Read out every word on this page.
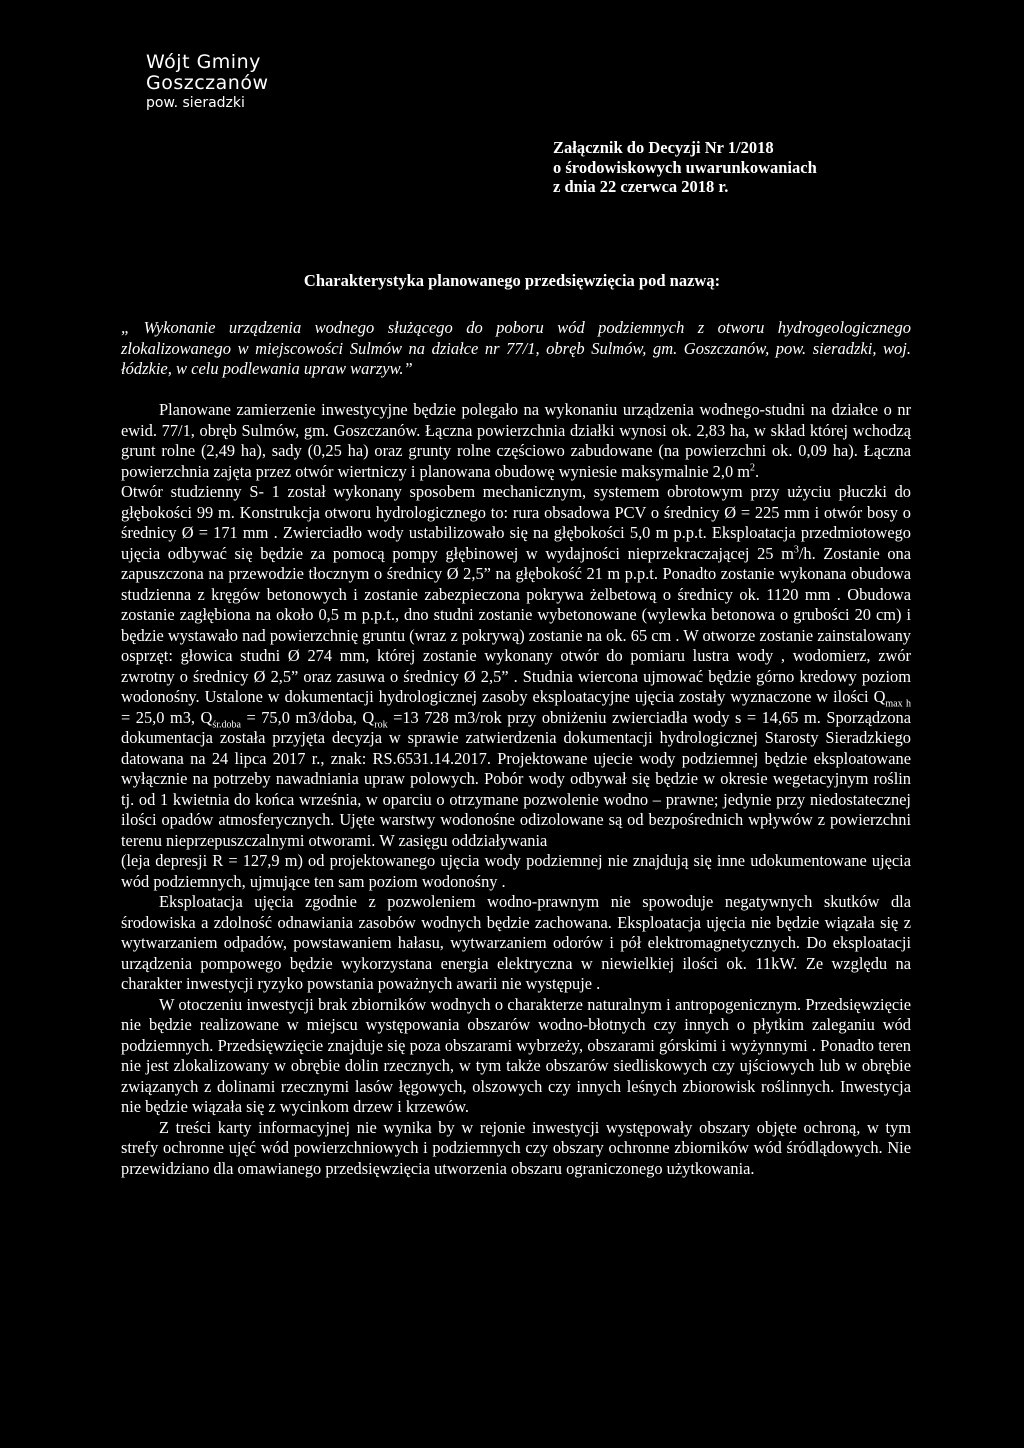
Wójt Gminy
Goszczanów
pow. sieradzki
Załącznik do Decyzji Nr 1/2018
o środowiskowych uwarunkowaniach
z dnia 22 czerwca 2018 r.
Charakterystyka planowanego przedsięwzięcia pod nazwą:
„ Wykonanie urządzenia wodnego służącego do poboru wód podziemnych z otworu hydrogeologicznego zlokalizowanego w miejscowości Sulmów na działce nr 77/1, obręb Sulmów, gm. Goszczanów, pow. sieradzki, woj. łódzkie, w celu podlewania upraw warzyw.”

Planowane zamierzenie inwestycyjne będzie polegało na wykonaniu urządzenia wodnego-studni na działce o nr ewid. 77/1, obręb Sulmów, gm. Goszczanów. Łączna powierzchnia działki wynosi ok. 2,83 ha, w skład której wchodzą grunt rolne (2,49 ha), sady (0,25 ha) oraz grunty rolne częściowo zabudowane (na powierzchni ok. 0,09 ha). Łączna powierzchnia zajęta przez otwór wiertniczy i planowana obudowę wyniesie maksymalnie 2,0 $m^2$.

Otwór studzienny S- 1 został wykonany sposobem mechanicznym, systemem obrotowym przy użyciu płuczki do głębokości 99 m. Konstrukcja otworu hydrologicznego to: rura obsadowa PCV o średnicy Ø = 225 mm i otwór bosy o średnicy Ø = 171 mm . Zwierciadło wody ustabilizowało się na głębokości 5,0 m p.p.t. Eksploatacja przedmiotowego ujęcia odbywać się będzie za pomocą pompy głębinowej w wydajności nieprzekraczającej 25 $m^3/h$. Zostanie ona zapuszczona na przewodzie tłocznym o średnicy Ø 2,5” na głębokość 21 m p.p.t. Ponadto zostanie wykonana obudowa studzienna z kręgów betonowych i zostanie zabezpieczona pokrywa żelbetową o średnicy ok. 1120 mm . Obudowa zostanie zagłębiona na około 0,5 m p.p.t., dno studni zostanie wybetonowane (wylewka betonowa o grubości 20 cm) i będzie wystawało nad powierzchnię gruntu (wraz z pokrywą) zostanie na ok. 65 cm . W otworze zostanie zainstalowany osprzęt: głowica studni Ø 274 mm, której zostanie wykonany otwór do pomiaru lustra wody , wodomierz, zwór zwrotny o średnicy Ø 2,5” oraz zasuwa o średnicy Ø 2,5” . Studnia wiercona ujmować będzie górno kredowy poziom wodonośny. Ustalone w dokumentacji hydrologicznej zasoby eksploatacyjne ujęcia zostały wyznaczone w ilości $Q_{max h} = 25,0$ m3, $Q_{śr.doba} = 75,0$ m3/doba, $Q_{rok} =13$ 728 m3/rok przy obniżeniu zwierciadła wody s = 14,65 m. Sporządzona dokumentacja została przyjęta decyzja w sprawie zatwierdzenia dokumentacji hydrologicznej Starosty Sieradzkiego datowana na 24 lipca 2017 r., znak: RS.6531.14.2017. Projektowane ujecie wody podziemnej będzie eksploatowane wyłącznie na potrzeby nawadniania upraw polowych. Pobór wody odbywał się będzie w okresie wegetacyjnym roślin tj. od 1 kwietnia do końca września, w oparciu o otrzymane pozwolenie wodno – prawne; jedynie przy niedostatecznej ilości opadów atmosferycznych. Ujęte warstwy wodonośne odizolowane są od bezpośrednich wpływów z powierzchni terenu nieprzepuszczalnymi otworami. W zasięgu oddziaływania

(leja depresji R = 127,9 m) od projektowanego ujęcia wody podziemnej nie znajdują się inne udokumentowane ujęcia wód podziemnych, ujmujące ten sam poziom wodonośny .

Eksploatacja ujęcia zgodnie z pozwoleniem wodno-prawnym nie spowoduje negatywnych skutków dla środowiska a zdolność odnawiania zasobów wodnych będzie zachowana. Eksploatacja ujęcia nie będzie wiązała się z wytwarzaniem odpadów, powstawaniem hałasu, wytwarzaniem odorów i pół elektromagnetycznych. Do eksploatacji urządzenia pompowego będzie wykorzystana energia elektryczna w niewielkiej ilości ok. 11kW. Ze względu na charakter inwestycji ryzyko powstania poważnych awarii nie występuje .

W otoczeniu inwestycji brak zbiorników wodnych o charakterze naturalnym i antropogenicznym. Przedsięwzięcie nie będzie realizowane w miejscu występowania obszarów wodno-błotnych czy innych o płytkim zaleganiu wód podziemnych. Przedsięwzięcie znajduje się poza obszarami wybrzeży, obszarami górskimi i wyżynnymi . Ponadto teren nie jest zlokalizowany w obrębie dolin rzecznych, w tym także obszarów siedliskowych czy ujściowych lub w obrębie związanych z dolinami rzecznymi lasów łęgowych, olszowych czy innych leśnych zbiorowisk roślinnych. Inwestycja nie będzie wiązała się z wycinkom drzew i krzewów.

Z treści karty informacyjnej nie wynika by w rejonie inwestycji występowały obszary objęte ochroną, w tym strefy ochronne ujęć wód powierzchniowych i podziemnych czy obszary ochronne zbiorników wód śródlądowych. Nie przewidziano dla omawianego przedsięwzięcia utworzenia obszaru ograniczonego użytkowania.
